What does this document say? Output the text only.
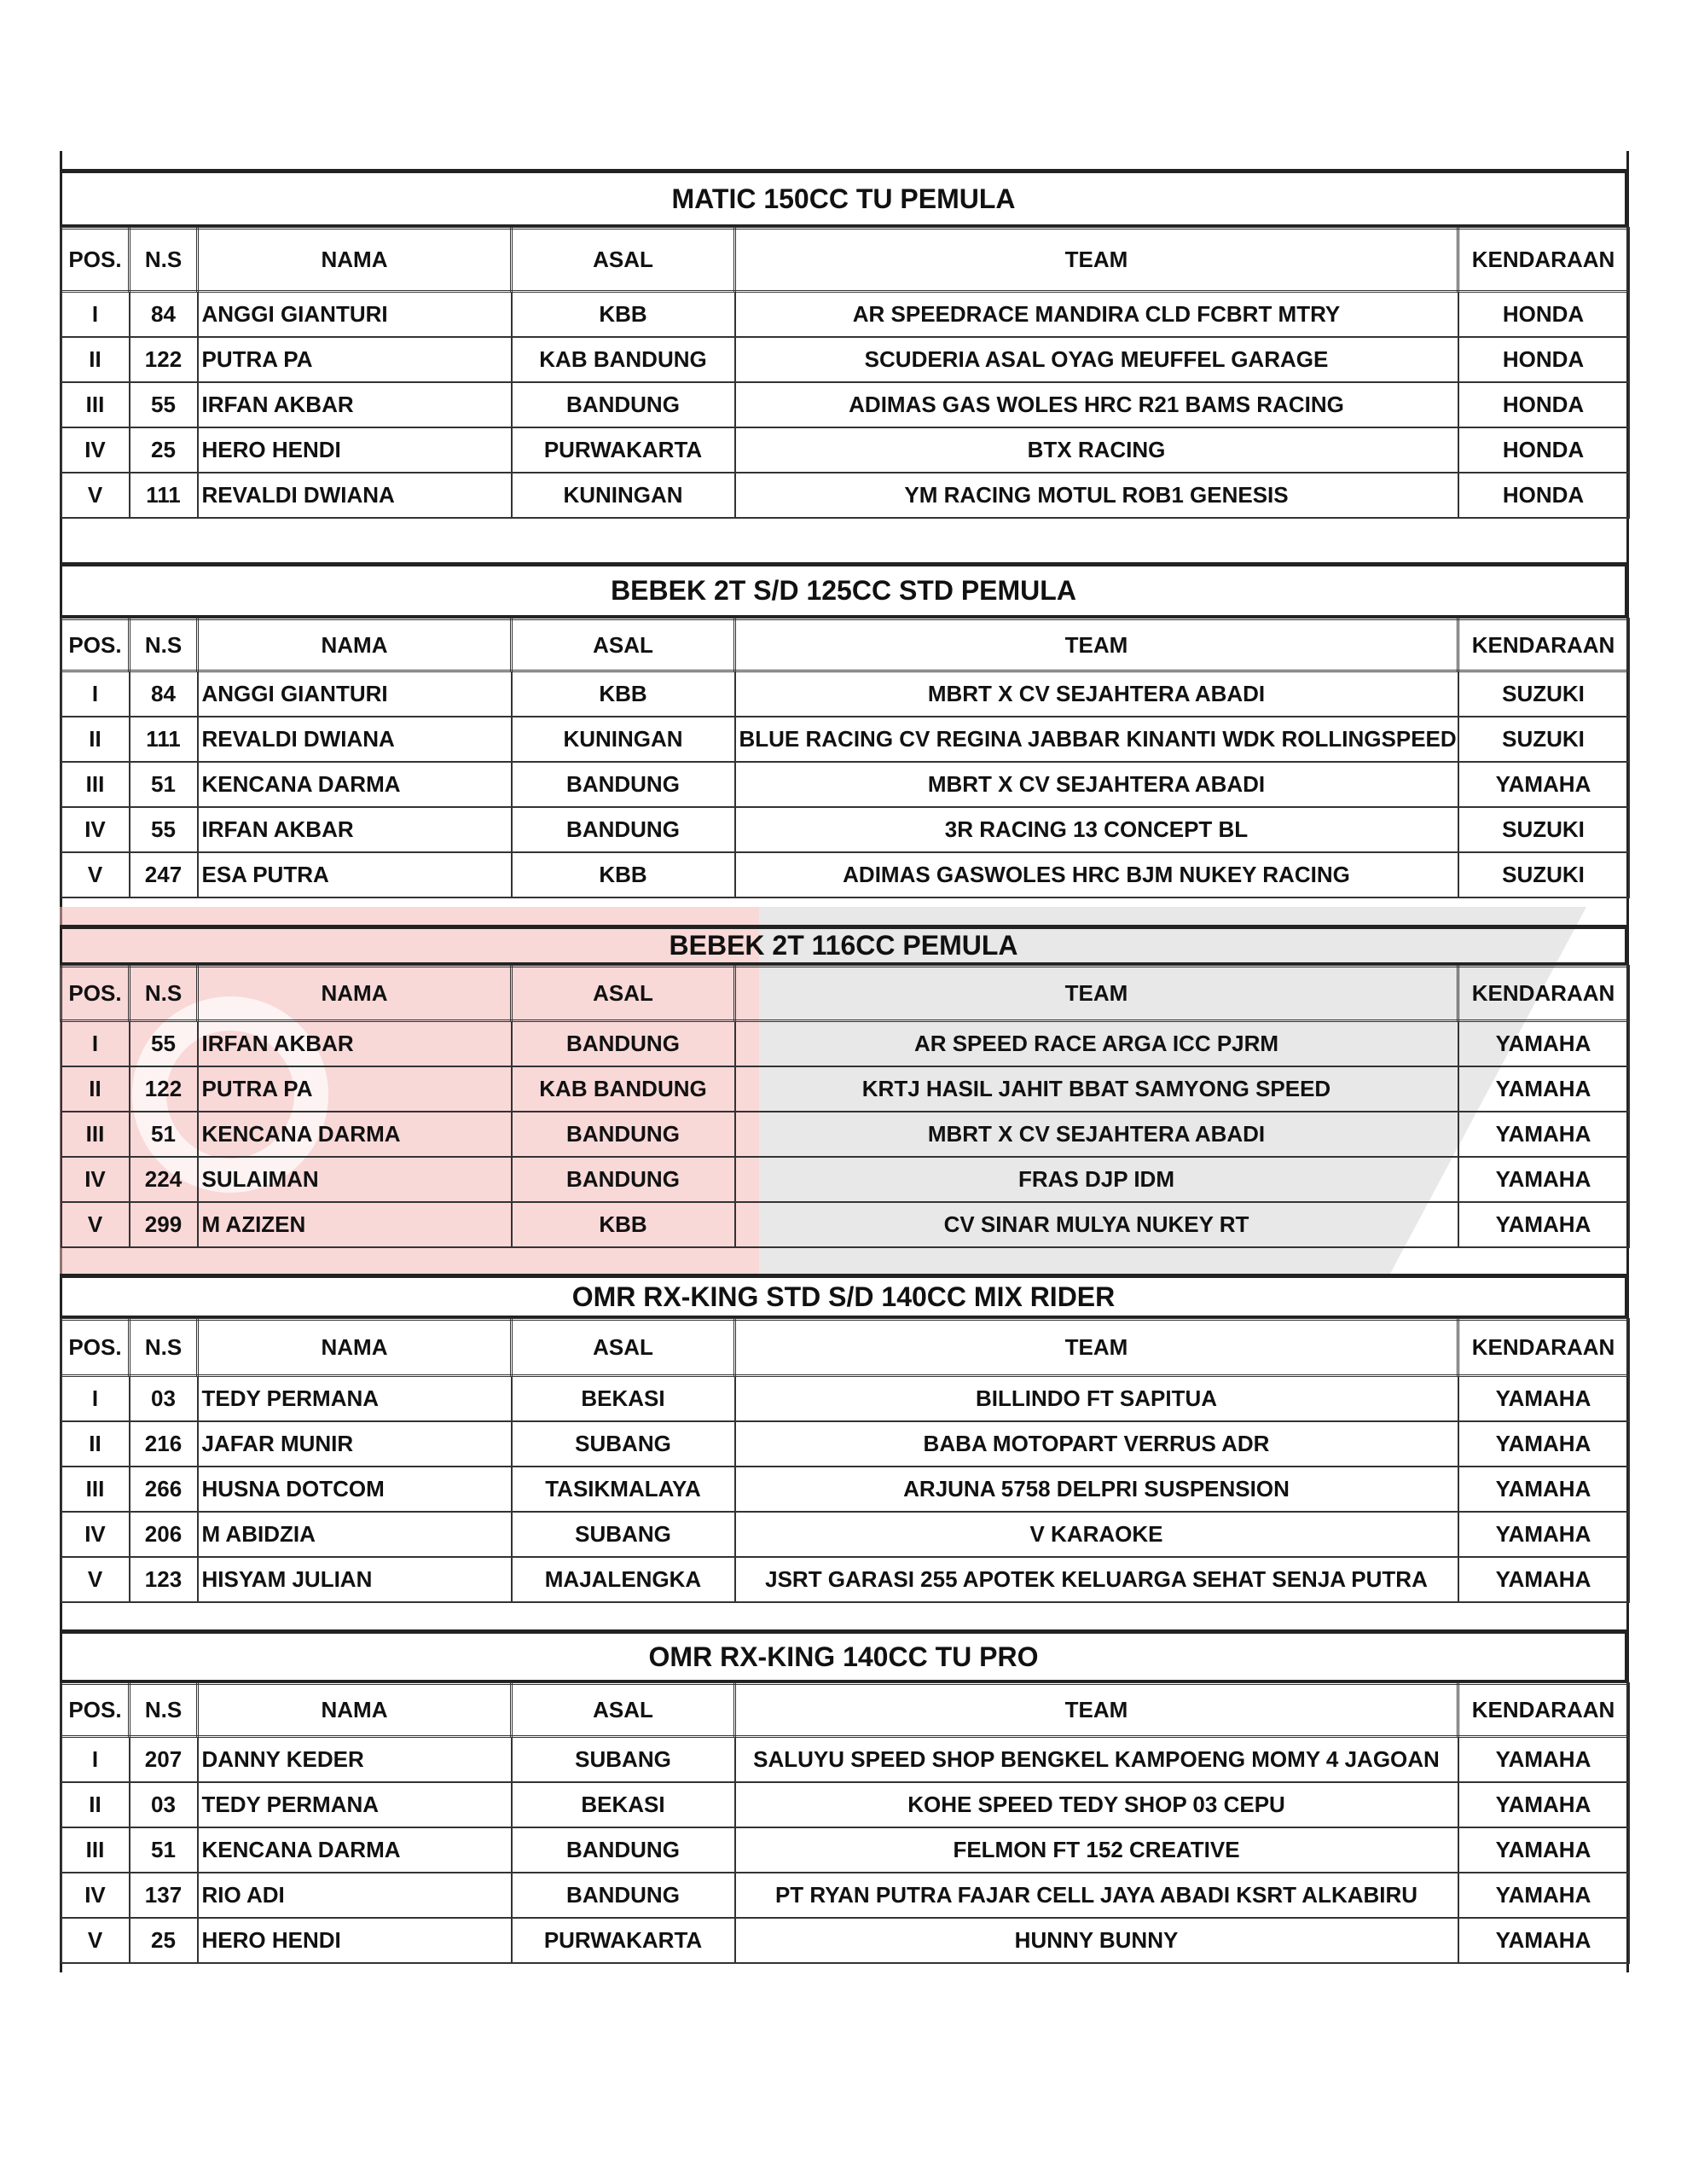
MATIC 150CC TU PEMULA
POS.	N.S	NAMA	ASAL	TEAM	KENDARAAN
I	84	ANGGI GIANTURI	KBB	AR SPEEDRACE MANDIRA CLD FCBRT MTRY	HONDA
II	122	PUTRA PA	KAB BANDUNG	SCUDERIA ASAL OYAG MEUFFEL GARAGE	HONDA
III	55	IRFAN AKBAR	BANDUNG	ADIMAS GAS WOLES HRC R21 BAMS RACING	HONDA
IV	25	HERO HENDI	PURWAKARTA	BTX RACING	HONDA
V	111	REVALDI DWIANA	KUNINGAN	YM RACING MOTUL ROB1 GENESIS	HONDA
BEBEK 2T S/D 125CC STD PEMULA
POS.	N.S	NAMA	ASAL	TEAM	KENDARAAN
I	84	ANGGI GIANTURI	KBB	MBRT X CV SEJAHTERA ABADI	SUZUKI
II	111	REVALDI DWIANA	KUNINGAN	BLUE RACING CV REGINA JABBAR KINANTI WDK ROLLINGSPEED	SUZUKI
III	51	KENCANA DARMA	BANDUNG	MBRT X CV SEJAHTERA ABADI	YAMAHA
IV	55	IRFAN AKBAR	BANDUNG	3R RACING 13 CONCEPT BL	SUZUKI
V	247	ESA PUTRA	KBB	ADIMAS GASWOLES HRC BJM NUKEY RACING	SUZUKI
BEBEK 2T 116CC PEMULA
POS.	N.S	NAMA	ASAL	TEAM	KENDARAAN
I	55	IRFAN AKBAR	BANDUNG	AR SPEED RACE ARGA ICC PJRM	YAMAHA
II	122	PUTRA PA	KAB BANDUNG	KRTJ HASIL JAHIT BBAT SAMYONG SPEED	YAMAHA
III	51	KENCANA DARMA	BANDUNG	MBRT X CV SEJAHTERA ABADI	YAMAHA
IV	224	SULAIMAN	BANDUNG	FRAS DJP IDM	YAMAHA
V	299	M AZIZEN	KBB	CV SINAR MULYA NUKEY RT	YAMAHA
OMR RX-KING STD S/D 140CC MIX RIDER
POS.	N.S	NAMA	ASAL	TEAM	KENDARAAN
I	03	TEDY PERMANA	BEKASI	BILLINDO FT SAPITUA	YAMAHA
II	216	JAFAR MUNIR	SUBANG	BABA MOTOPART VERRUS ADR	YAMAHA
III	266	HUSNA DOTCOM	TASIKMALAYA	ARJUNA 5758 DELPRI SUSPENSION	YAMAHA
IV	206	M ABIDZIA	SUBANG	V KARAOKE	YAMAHA
V	123	HISYAM JULIAN	MAJALENGKA	JSRT GARASI 255 APOTEK KELUARGA SEHAT SENJA PUTRA	YAMAHA
OMR RX-KING 140CC TU PRO
POS.	N.S	NAMA	ASAL	TEAM	KENDARAAN
I	207	DANNY KEDER	SUBANG	SALUYU SPEED SHOP BENGKEL KAMPOENG MOMY 4 JAGOAN	YAMAHA
II	03	TEDY PERMANA	BEKASI	KOHE SPEED TEDY SHOP 03 CEPU	YAMAHA
III	51	KENCANA DARMA	BANDUNG	FELMON FT 152 CREATIVE	YAMAHA
IV	137	RIO ADI	BANDUNG	PT RYAN PUTRA FAJAR CELL JAYA ABADI KSRT ALKABIRU	YAMAHA
V	25	HERO HENDI	PURWAKARTA	HUNNY BUNNY	YAMAHA
